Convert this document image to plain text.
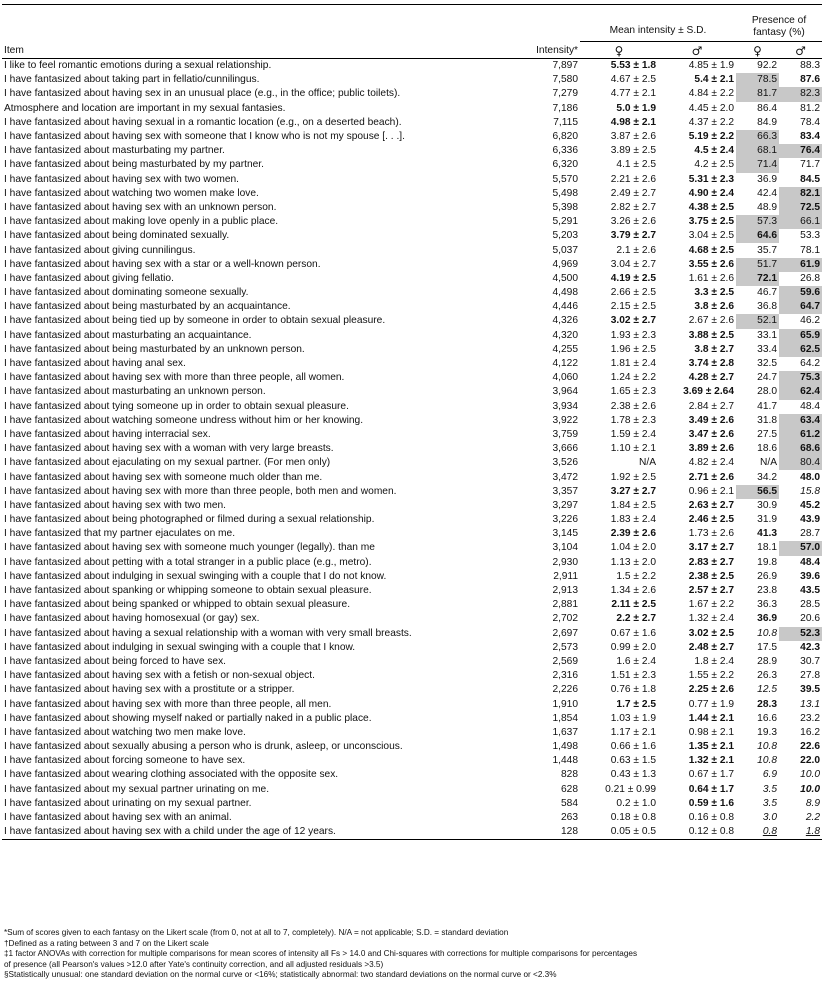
		Mean intensity ± S.D.		Presence of fantasy (%)	
Item	Intensity*	♀	♂	♀	♂
I like to feel romantic emotions during a sexual relationship.	7,897	5.53 ± 1.8	4.85 ± 1.9	92.2	88.3
I have fantasized about taking part in fellatio/cunnilingus.	7,580	4.67 ± 2.5	5.4 ± 2.1	78.5	87.6
I have fantasized about having sex in an unusual place (e.g., in the office; public toilets).	7,279	4.77 ± 2.1	4.84 ± 2.2	81.7	82.3
Atmosphere and location are important in my sexual fantasies.	7,186	5.0 ± 1.9	4.45 ± 2.0	86.4	81.2
I have fantasized about having sexual in a romantic location (e.g., on a deserted beach).	7,115	4.98 ± 2.1	4.37 ± 2.2	84.9	78.4
I have fantasized about having sex with someone that I know who is not my spouse [. . .].	6,820	3.87 ± 2.6	5.19 ± 2.2	66.3	83.4
I have fantasized about masturbating my partner.	6,336	3.89 ± 2.5	4.5 ± 2.4	68.1	76.4
I have fantasized about being masturbated by my partner.	6,320	4.1 ± 2.5	4.2 ± 2.5	71.4	71.7
I have fantasized about having sex with two women.	5,570	2.21 ± 2.6	5.31 ± 2.3	36.9	84.5
I have fantasized about watching two women make love.	5,498	2.49 ± 2.7	4.90 ± 2.4	42.4	82.1
I have fantasized about having sex with an unknown person.	5,398	2.82 ± 2.7	4.38 ± 2.5	48.9	72.5
I have fantasized about making love openly in a public place.	5,291	3.26 ± 2.6	3.75 ± 2.5	57.3	66.1
I have fantasized about being dominated sexually.	5,203	3.79 ± 2.7	3.04 ± 2.5	64.6	53.3
I have fantasized about giving cunnilingus.	5,037	2.1 ± 2.6	4.68 ± 2.5	35.7	78.1
I have fantasized about having sex with a star or a well-known person.	4,969	3.04 ± 2.7	3.55 ± 2.6	51.7	61.9
I have fantasized about giving fellatio.	4,500	4.19 ± 2.5	1.61 ± 2.6	72.1	26.8
I have fantasized about dominating someone sexually.	4,498	2.66 ± 2.5	3.3 ± 2.5	46.7	59.6
I have fantasized about being masturbated by an acquaintance.	4,446	2.15 ± 2.5	3.8 ± 2.6	36.8	64.7
I have fantasized about being tied up by someone in order to obtain sexual pleasure.	4,326	3.02 ± 2.7	2.67 ± 2.6	52.1	46.2
I have fantasized about masturbating an acquaintance.	4,320	1.93 ± 2.3	3.88 ± 2.5	33.1	65.9
I have fantasized about being masturbated by an unknown person.	4,255	1.96 ± 2.5	3.8 ± 2.7	33.4	62.5
I have fantasized about having anal sex.	4,122	1.81 ± 2.4	3.74 ± 2.8	32.5	64.2
I have fantasized about having sex with more than three people, all women.	4,060	1.24 ± 2.2	4.28 ± 2.7	24.7	75.3
I have fantasized about masturbating an unknown person.	3,964	1.65 ± 2.3	3.69 ± 2.64	28.0	62.4
I have fantasized about tying someone up in order to obtain sexual pleasure.	3,934	2.38 ± 2.6	2.84 ± 2.7	41.7	48.4
I have fantasized about watching someone undress without him or her knowing.	3,922	1.78 ± 2.3	3.49 ± 2.6	31.8	63.4
I have fantasized about having interracial sex.	3,759	1.59 ± 2.4	3.47 ± 2.6	27.5	61.2
I have fantasized about having sex with a woman with very large breasts.	3,666	1.10 ± 2.1	3.89 ± 2.6	18.6	68.6
I have fantasized about ejaculating on my sexual partner. (For men only)	3,526	N/A	4.82 ± 2.4	N/A	80.4
I have fantasized about having sex with someone much older than me.	3,472	1.92 ± 2.5	2.71 ± 2.6	34.2	48.0
I have fantasized about having sex with more than three people, both men and women.	3,357	3.27 ± 2.7	0.96 ± 2.1	56.5	15.8
I have fantasized about having sex with two men.	3,297	1.84 ± 2.5	2.63 ± 2.7	30.9	45.2
I have fantasized about being photographed or filmed during a sexual relationship.	3,226	1.83 ± 2.4	2.46 ± 2.5	31.9	43.9
I have fantasized that my partner ejaculates on me.	3,145	2.39 ± 2.6	1.73 ± 2.6	41.3	28.7
I have fantasized about having sex with someone much younger (legally). than me	3,104	1.04 ± 2.0	3.17 ± 2.7	18.1	57.0
I have fantasized about petting with a total stranger in a public place (e.g., metro).	2,930	1.13 ± 2.0	2.83 ± 2.7	19.8	48.4
I have fantasized about indulging in sexual swinging with a couple that I do not know.	2,911	1.5 ± 2.2	2.38 ± 2.5	26.9	39.6
I have fantasized about spanking or whipping someone to obtain sexual pleasure.	2,913	1.34 ± 2.6	2.57 ± 2.7	23.8	43.5
I have fantasized about being spanked or whipped to obtain sexual pleasure.	2,881	2.11 ± 2.5	1.67 ± 2.2	36.3	28.5
I have fantasized about having homosexual (or gay) sex.	2,702	2.2 ± 2.7	1.32 ± 2.4	36.9	20.6
I have fantasized about having a sexual relationship with a woman with very small breasts.	2,697	0.67 ± 1.6	3.02 ± 2.5	10.8	52.3
I have fantasized about indulging in sexual swinging with a couple that I know.	2,573	0.99 ± 2.0	2.48 ± 2.7	17.5	42.3
I have fantasized about being forced to have sex.	2,569	1.6 ± 2.4	1.8 ± 2.4	28.9	30.7
I have fantasized about having sex with a fetish or non-sexual object.	2,316	1.51 ± 2.3	1.55 ± 2.2	26.3	27.8
I have fantasized about having sex with a prostitute or a stripper.	2,226	0.76 ± 1.8	2.25 ± 2.6	12.5	39.5
I have fantasized about having sex with more than three people, all men.	1,910	1.7 ± 2.5	0.77 ± 1.9	28.3	13.1
I have fantasized about showing myself naked or partially naked in a public place.	1,854	1.03 ± 1.9	1.44 ± 2.1	16.6	23.2
I have fantasized about watching two men make love.	1,637	1.17 ± 2.1	0.98 ± 2.1	19.3	16.2
I have fantasized about sexually abusing a person who is drunk, asleep, or unconscious.	1,498	0.66 ± 1.6	1.35 ± 2.1	10.8	22.6
I have fantasized about forcing someone to have sex.	1,448	0.63 ± 1.5	1.32 ± 2.1	10.8	22.0
I have fantasized about wearing clothing associated with the opposite sex.	828	0.43 ± 1.3	0.67 ± 1.7	6.9	10.0
I have fantasized about my sexual partner urinating on me.	628	0.21 ± 0.99	0.64 ± 1.7	3.5	10.0
I have fantasized about urinating on my sexual partner.	584	0.2 ± 1.0	0.59 ± 1.6	3.5	8.9
I have fantasized about having sex with an animal.	263	0.18 ± 0.8	0.16 ± 0.8	3.0	2.2
I have fantasized about having sex with a child under the age of 12 years.	128	0.05 ± 0.5	0.12 ± 0.8	0.8	1.8
*Sum of scores given to each fantasy on the Likert scale (from 0, not at all to 7, completely). N/A = not applicable; S.D. = standard deviation
†Defined as a rating between 3 and 7 on the Likert scale
‡1 factor ANOVAs with correction for multiple comparisons for mean scores of intensity all Fs > 14.0 and Chi-squares with corrections for multiple comparisons for percentages
of presence (all Pearson's values >12.0 after Yate's continuity correction, and all adjusted residuals >3.5)
§Statistically unusual: one standard deviation on the normal curve or <16%; statistically abnormal: two standard deviations on the normal curve or <2.3%
